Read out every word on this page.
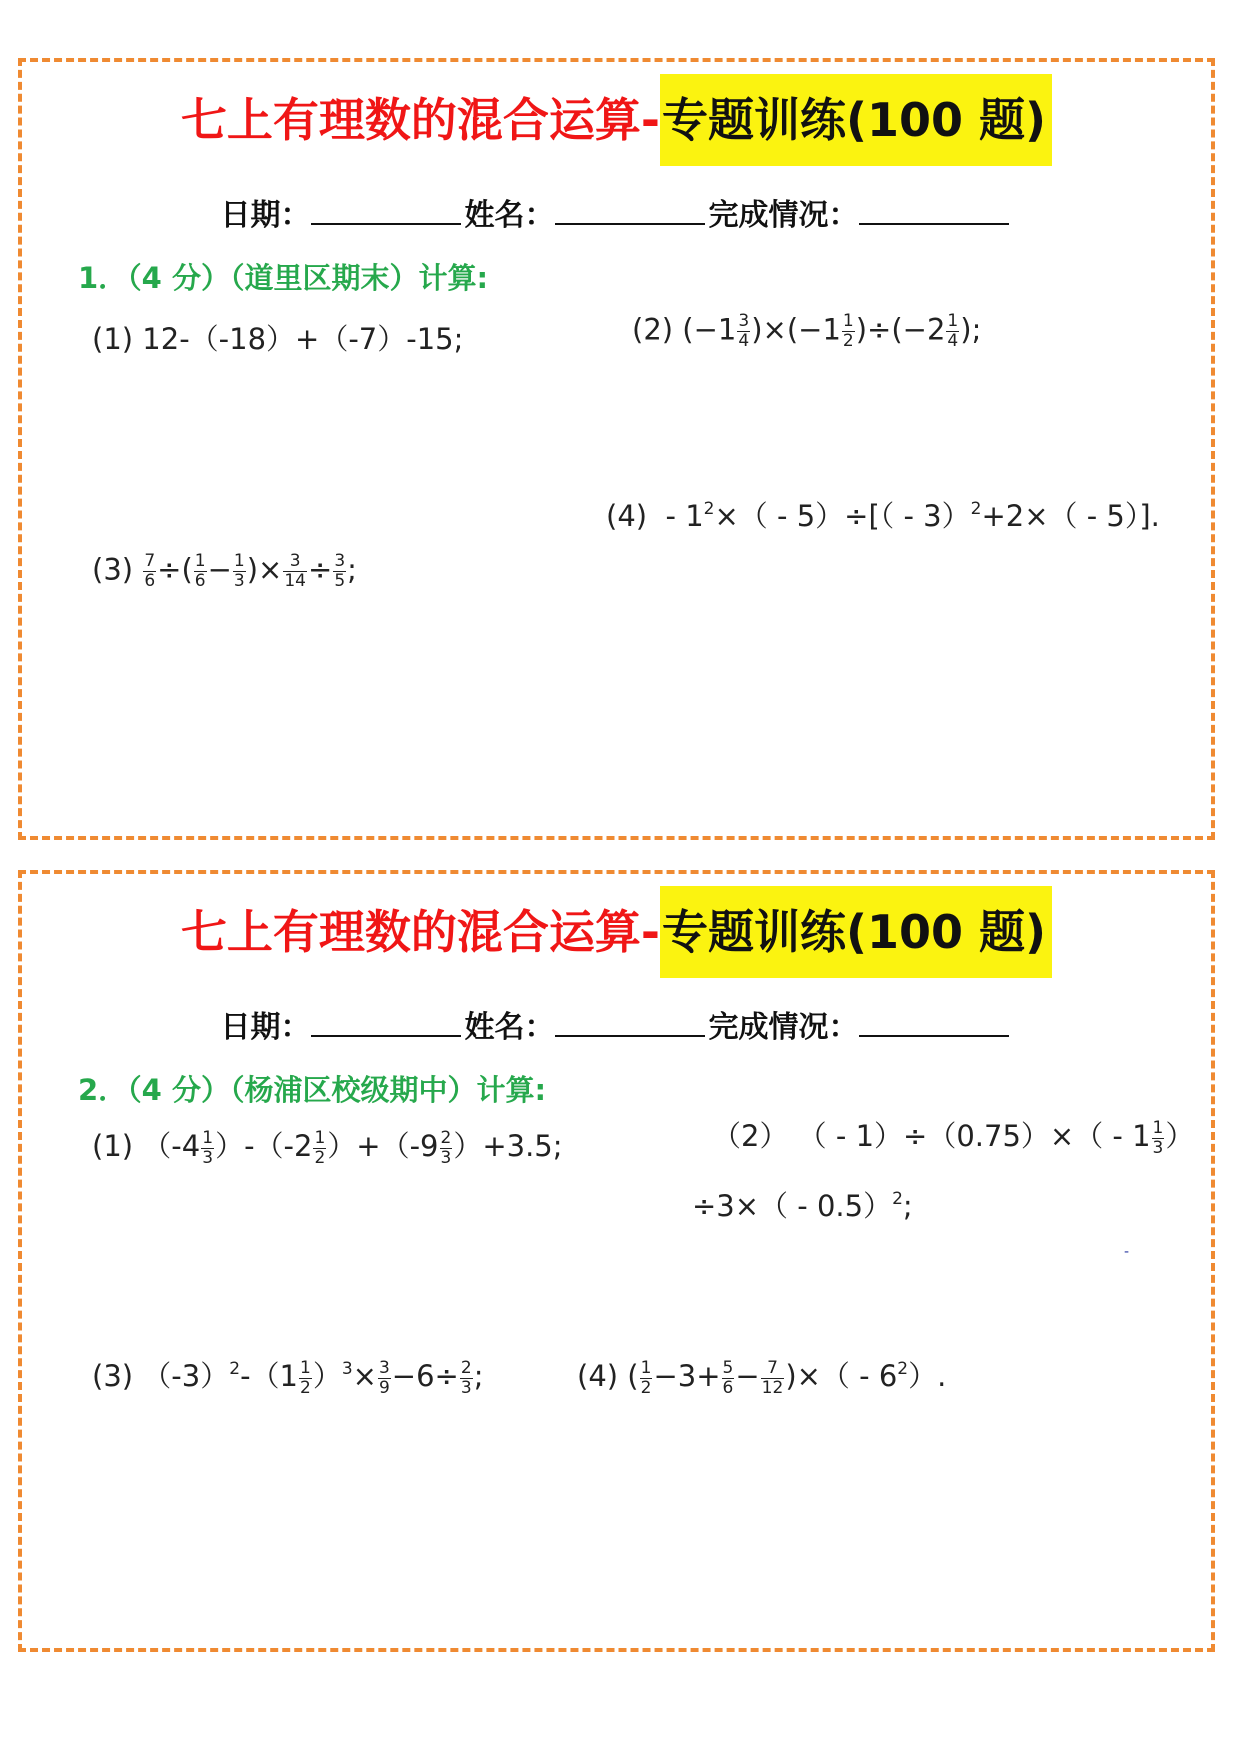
七上有理数的混合运算-专题训练(100 题)
日期：	姓名：	完成情况：
1．（4 分）（道里区期末）计算:
(1) 12-（-18）+（-7）-15;	(2) $(-1 \frac{3}{4} )\times(-1 \frac{1}{2} )\div(-2 \frac{1}{4}$ );
$(4) - 1^2\times( - 5)\div[( - 3)^2+2\times( - 5)]$.
$(3) \frac{7}{6}$ ÷( $\frac{1}{6} - \frac{1}{3}$ )× $\frac{3}{14} \div \frac{3}{5}$ ;
七上有理数的混合运算-专题训练(100 题)
日期：	姓名：	完成情况：
2．（4 分）（杨浦区校级期中）计算:
(1) $(-4 \frac{1}{3} )-(-2 \frac{1}{2} )+(-9 \frac{2}{3} )+3.5$;	（2） （ - $1)\div(0.75)\times( - 1 \frac{1}{3}$ ）
÷3×（ - 0.5）$^2$;
-
(3) $(-3)^2-(1 \frac{1}{2} )^3\times \frac{3}{9} -6\div \frac{2}{3}$ ;	(4) ( $\frac{1}{2} -3+ \frac{5}{6} - \frac{7}{12}$ )×（ - $6^2$）.
